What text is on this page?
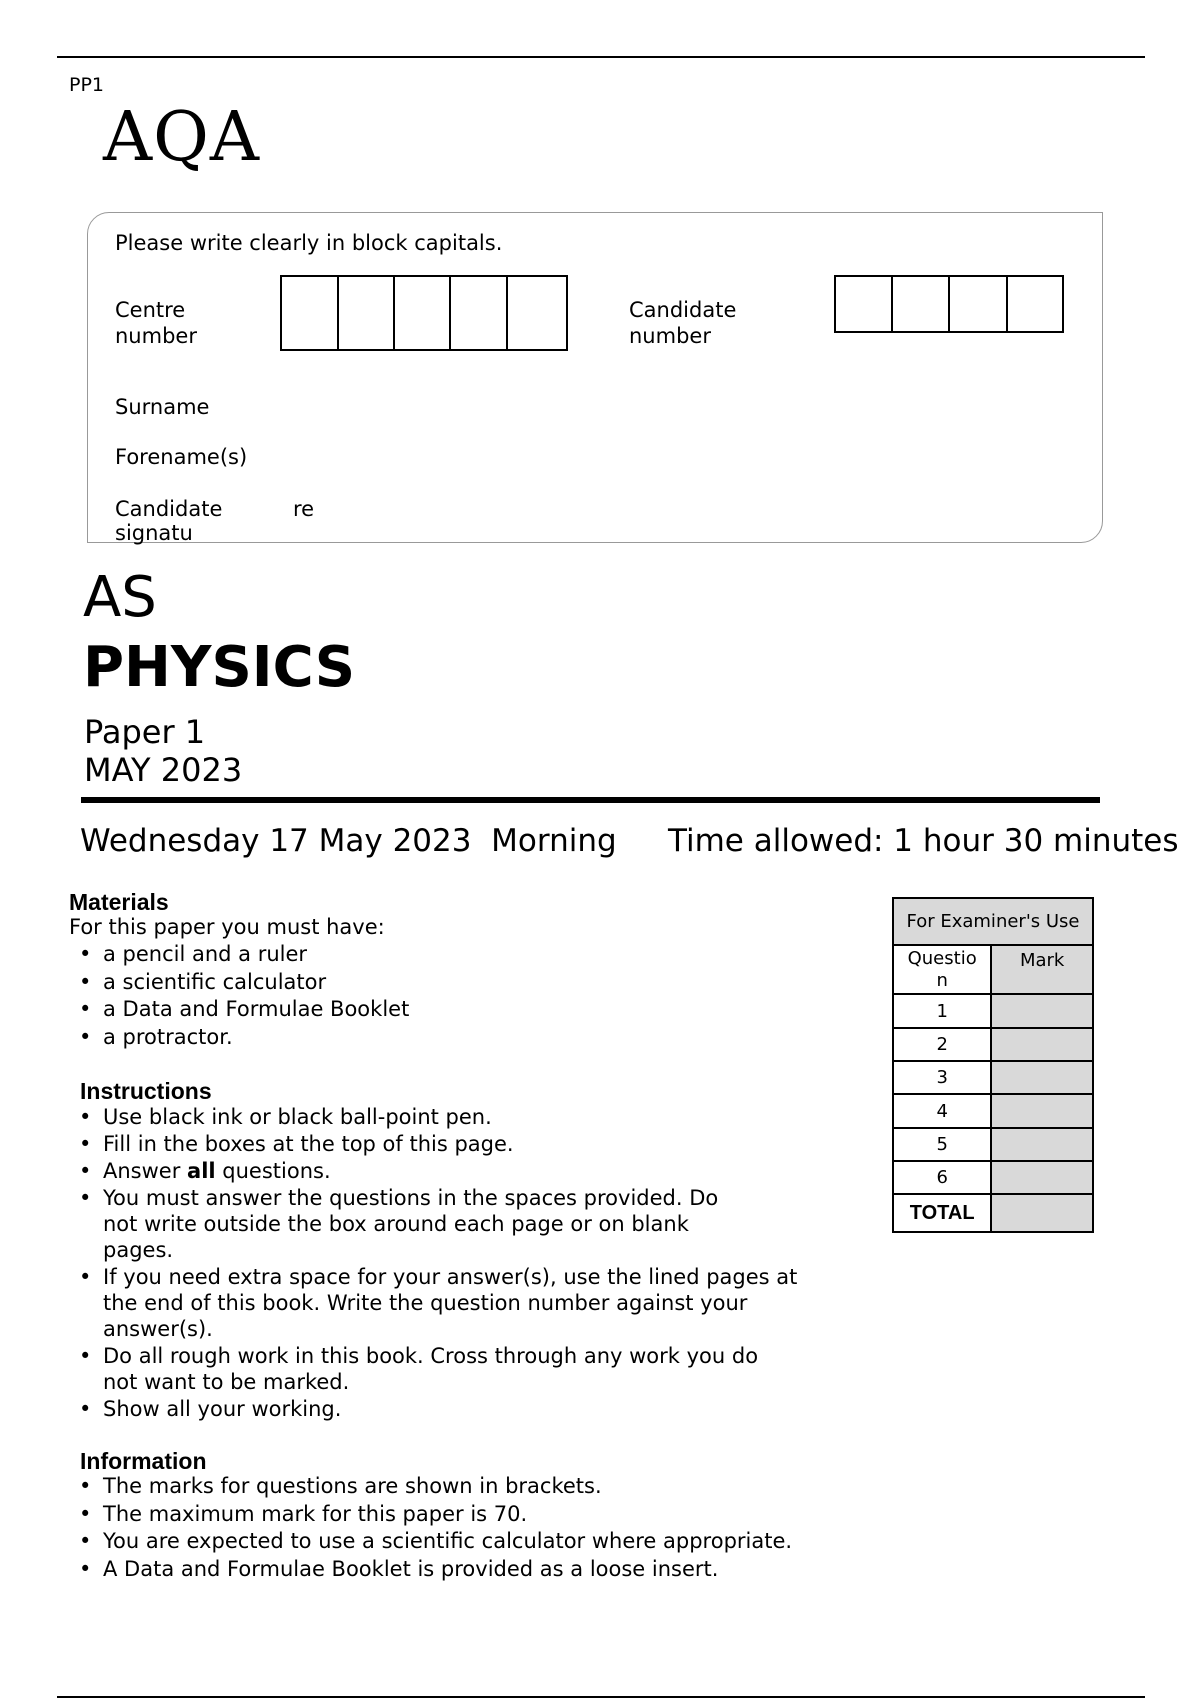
PP1
AQA
Please write clearly in block capitals.
Centre
number
Candidate
number
Surname
Forename(s)
Candidate
signatu
re
AS
PHYSICS
Paper 1
MAY 2023
Wednesday 17 May 2023  Morning Time allowed: 1 hour 30 minutes
Materials
For this paper you must have:
• a pencil and a ruler
• a scientific calculator
• a Data and Formulae Booklet
• a protractor.
Instructions
• Use black ink or black ball-point pen.
• Fill in the boxes at the top of this page.
• Answer all questions.
• You must answer the questions in the spaces provided. Do
not write outside the box around each page or on blank
pages.
• If you need extra space for your answer(s), use the lined pages at
the end of this book. Write the question number against your
answer(s).
• Do all rough work in this book. Cross through any work you do
not want to be marked.
• Show all your working.
Information
• The marks for questions are shown in brackets.
• The maximum mark for this paper is 70.
• You are expected to use a scientific calculator where appropriate.
• A Data and Formulae Booklet is provided as a loose insert.
For Examiner's Use	

Questio
n	Mark
1	
2	
3	
4	
5	
6	
TOTAL	
